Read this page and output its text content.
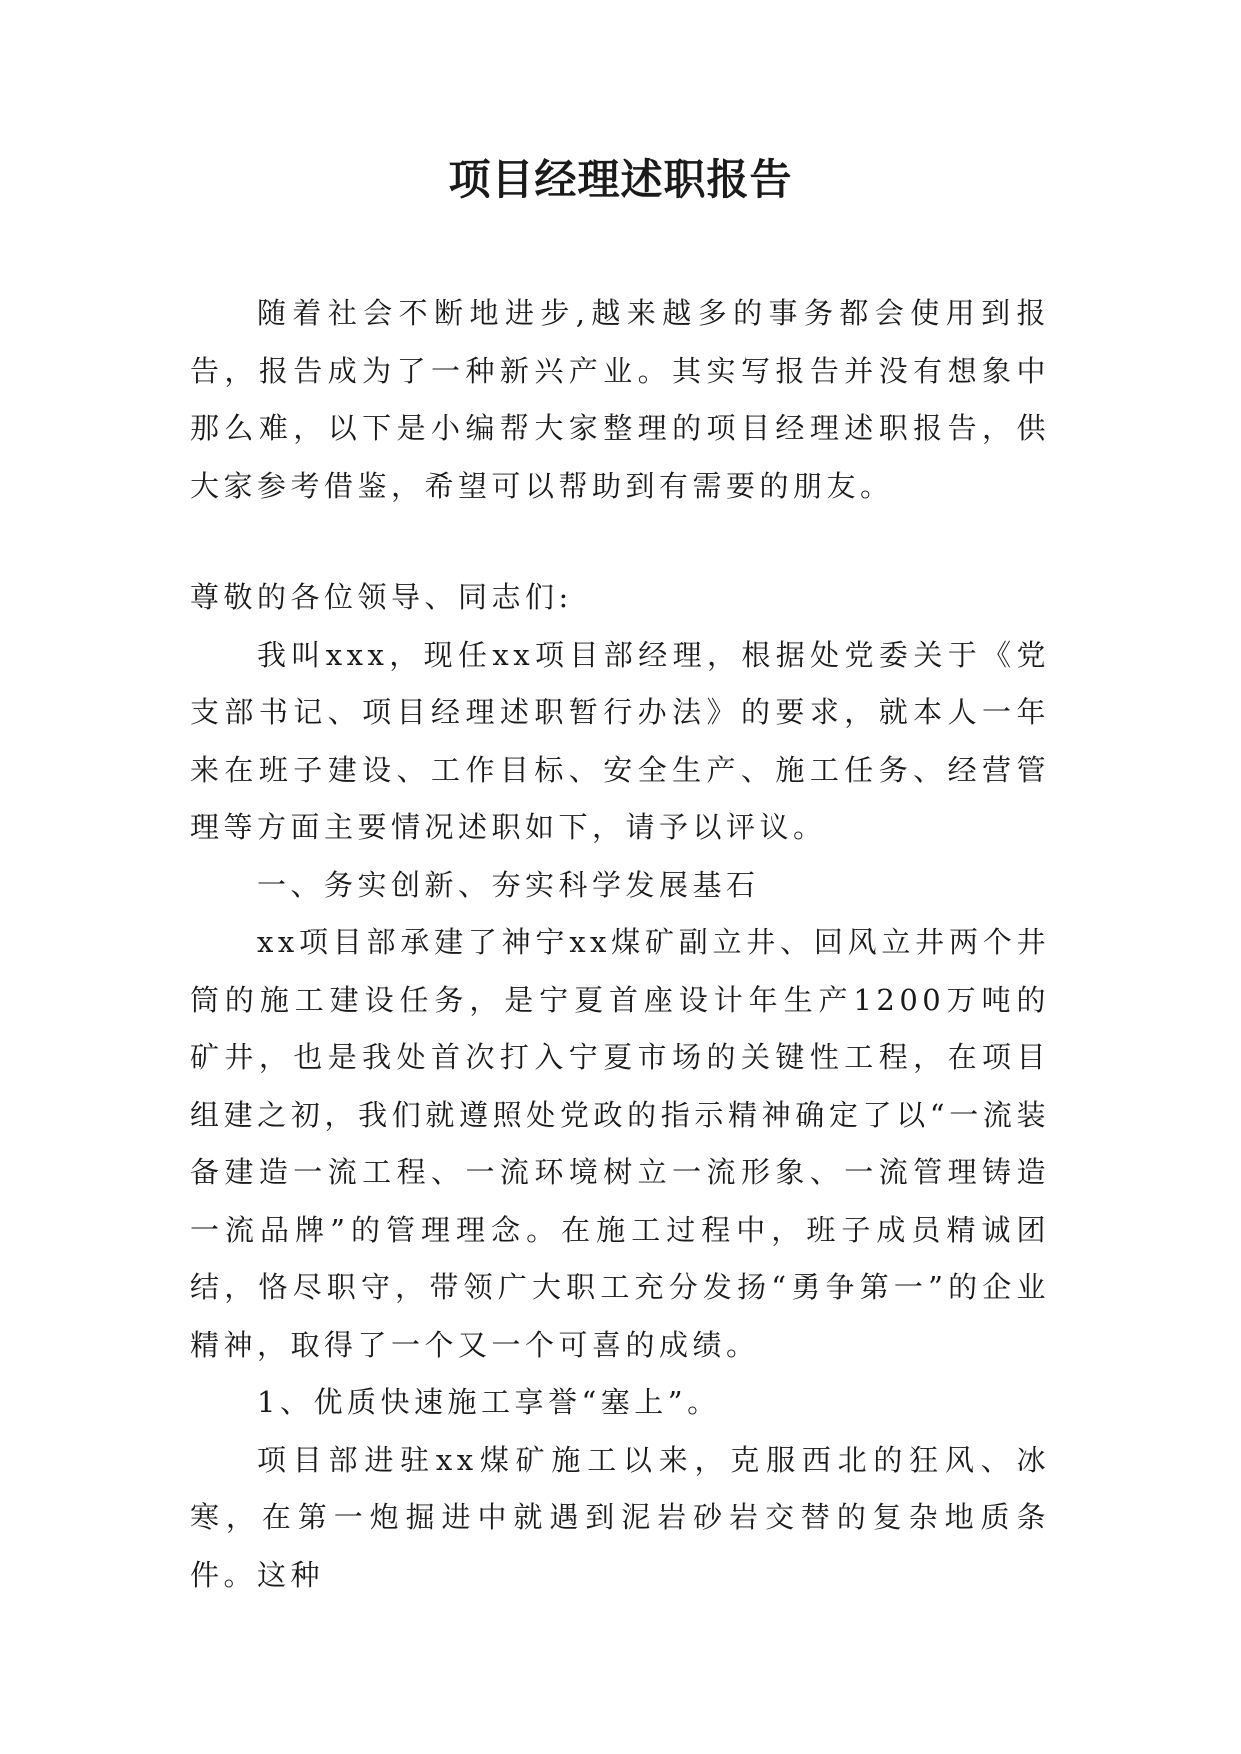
项目经理述职报告

随着社会不断地进步,越来越多的事务都会使用到报告，报告成为了一种新兴产业。其实写报告并没有想象中那么难，以下是小编帮大家整理的项目经理述职报告，供大家参考借鉴，希望可以帮助到有需要的朋友。

尊敬的各位领导、同志们:

我叫xxx，现任xx项目部经理，根据处党委关于《党支部书记、项目经理述职暂行办法》的要求，就本人一年来在班子建设、工作目标、安全生产、施工任务、经营管理等方面主要情况述职如下，请予以评议。

一、务实创新、夯实科学发展基石

xx项目部承建了神宁xx煤矿副立井、回风立井两个井筒的施工建设任务，是宁夏首座设计年生产1200万吨的矿井，也是我处首次打入宁夏市场的关键性工程，在项目组建之初，我们就遵照处党政的指示精神确定了以“一流装备建造一流工程、一流环境树立一流形象、一流管理铸造一流品牌”的管理理念。在施工过程中，班子成员精诚团结，恪尽职守，带领广大职工充分发扬“勇争第一”的企业精神，取得了一个又一个可喜的成绩。

1、优质快速施工享誉“塞上”。

项目部进驻xx煤矿施工以来，克服西北的狂风、冰寒，在第一炮掘进中就遇到泥岩砂岩交替的复杂地质条件。这种
